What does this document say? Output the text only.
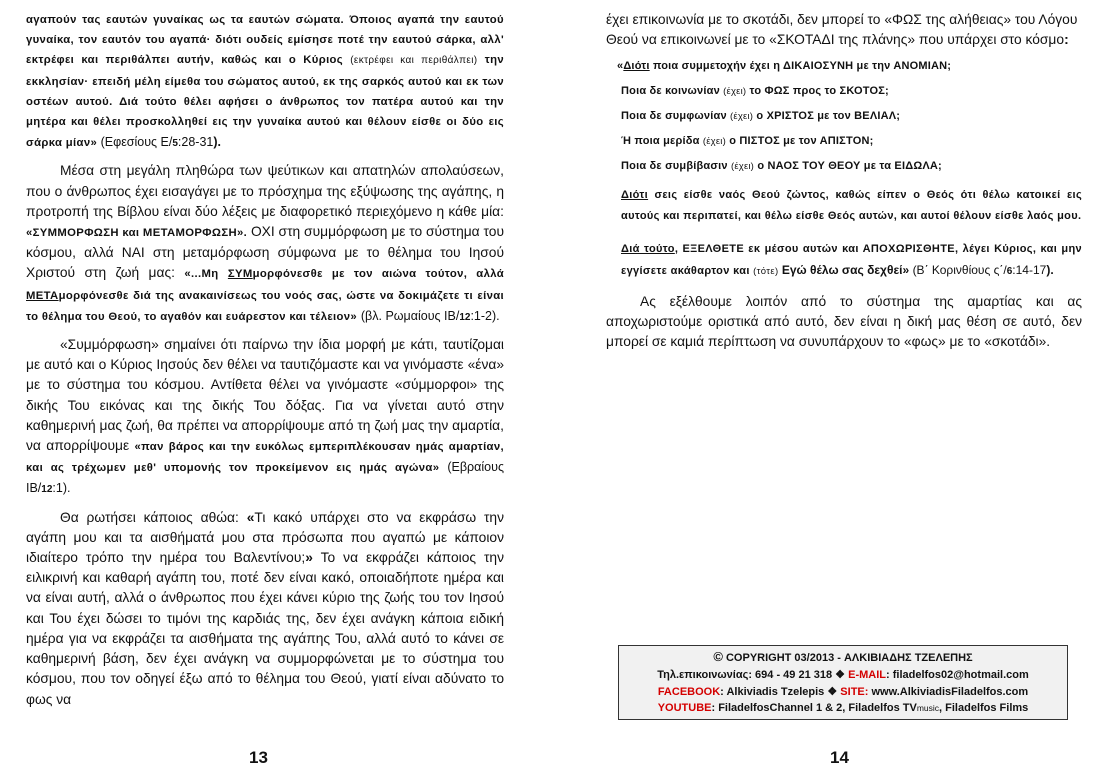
αγαπούν τας εαυτών γυναίκας ως τα εαυτών σώματα. Όποιος αγαπά την εαυτού γυναίκα, τον εαυτόν του αγαπά· διότι ουδείς εμίσησε ποτέ την εαυτού σάρκα, αλλ' εκτρέφει και περιθάλπει αυτήν, καθώς και ο Κύριος (εκτρέφει και περιθάλπει) την εκκλησίαν· επειδή μέλη είμεθα του σώματος αυτού, εκ της σαρκός αυτού και εκ των οστέων αυτού. Διά τούτο θέλει αφήσει ο άνθρωπος τον πατέρα αυτού και την μητέρα και θέλει προσκολληθεί εις την γυναίκα αυτού και θέλουν είσθε οι δύο εις σάρκα μίαν» (Εφεσίους Ε/5:28-31).

Μέσα στη μεγάλη πληθώρα των ψεύτικων και απατηλών απολαύσεων, που ο άνθρωπος έχει εισαγάγει με το πρόσχημα της εξύψωσης της αγάπης, η προτροπή της Βίβλου είναι δύο λέξεις με διαφορετικό περιεχόμενο η κάθε μία: «ΣΥΜΜΟΡΦΩΣΗ και ΜΕΤΑΜΟΡΦΩΣΗ». ΟΧΙ στη συμμόρφωση με το σύστημα του κόσμου, αλλά ΝΑΙ στη μεταμόρφωση σύμφωνα με το θέλημα του Ιησού Χριστού στη ζωή μας: «...Μη ΣΥΜμορφόνεσθε με τον αιώνα τούτον, αλλά ΜΕΤΑμορφόνεσθε διά της ανακαινίσεως του νοός σας, ώστε να δοκιμάζετε τι είναι το θέλημα του Θεού, το αγαθόν και ευάρεστον και τέλειον» (βλ. Ρωμαίους ΙΒ/12:1-2).

«Συμμόρφωση» σημαίνει ότι παίρνω την ίδια μορφή με κάτι, ταυτίζομαι με αυτό και ο Κύριος Ιησούς δεν θέλει να ταυτιζόμαστε και να γινόμαστε «ένα» με το σύστημα του κόσμου. Αντίθετα θέλει να γινόμαστε «σύμμορφοι» της δικής Του εικόνας και της δικής Του δόξας. Για να γίνεται αυτό στην καθημερινή μας ζωή, θα πρέπει να απορρίψουμε από τη ζωή μας την αμαρτία, να απορρίψουμε «παν βάρος και την ευκόλως εμπεριπλέκουσαν ημάς αμαρτίαν, και ας τρέχωμεν μεθ' υπομονής τον προκείμενον εις ημάς αγώνα» (Εβραίους ΙΒ/12:1).

Θα ρωτήσει κάποιος αθώα: «Τι κακό υπάρχει στο να εκφράσω την αγάπη μου και τα αισθήματά μου στα πρόσωπα που αγαπώ με κάποιον ιδιαίτερο τρόπο την ημέρα του Βαλεντίνου;» Το να εκφράζει κάποιος την ειλικρινή και καθαρή αγάπη του, ποτέ δεν είναι κακό, οποιαδήποτε ημέρα και να είναι αυτή, αλλά ο άνθρωπος που έχει κάνει κύριο της ζωής του τον Ιησού και Του έχει δώσει το τιμόνι της καρδιάς της, δεν έχει ανάγκη κάποια ειδική ημέρα για να εκφράζει τα αισθήματα της αγάπης Του, αλλά αυτό το κάνει σε καθημερινή βάση, δεν έχει ανάγκη να συμμορφώνεται με το σύστημα του κόσμου, που τον οδηγεί έξω από το θέλημα του Θεού, γιατί είναι αδύνατο το φως να

13

έχει επικοινωνία με το σκοτάδι, δεν μπορεί το «ΦΩΣ της αλήθειας» του Λόγου Θεού να επικοινωνεί με το «ΣΚΟΤΑΔΙ της πλάνης» που υπάρχει στο κόσμο:

«Διότι ποια συμμετοχήν έχει η ΔΙΚΑΙΟΣΥΝΗ με την ΑΝΟΜΙΑΝ;
Ποια δε κοινωνίαν (έχει) το ΦΩΣ προς το ΣΚΟΤΟΣ;
Ποια δε συμφωνίαν (έχει) ο ΧΡΙΣΤΟΣ με τον ΒΕΛΙΑΛ;
Ή ποια μερίδα (έχει) ο ΠΙΣΤΟΣ με τον ΑΠΙΣΤΟΝ;
Ποια δε συμβίβασιν (έχει) ο ΝΑΟΣ ΤΟΥ ΘΕΟΥ με τα ΕΙΔΩΛΑ;
Διότι σεις είσθε ναός Θεού ζώντος, καθώς είπεν ο Θεός ότι θέλω κατοικεί εις αυτούς και περιπατεί, και θέλω είσθε Θεός αυτών, και αυτοί θέλουν είσθε λαός μου.
Διά τούτο, ΕΞΕΛΘΕΤΕ εκ μέσου αυτών και ΑΠΟΧΩΡΙΣΘΗΤΕ, λέγει Κύριος, και μην εγγίσετε ακάθαρτον και (τότε) Εγώ θέλω σας δεχθεί» (Β΄ Κορινθίους ς΄/6:14-17).

Ας εξέλθουμε λοιπόν από το σύστημα της αμαρτίας και ας αποχωριστούμε οριστικά από αυτό, δεν είναι η δική μας θέση σε αυτό, δεν μπορεί σε καμιά περίπτωση να συνυπάρχουν το «φως» με το «σκοτάδι».

© COPYRIGHT 03/2013 - ΑΛΚΙΒΙΑΔΗΣ ΤΖΕΛΕΠΗΣ
Τηλ.επικοινωνίας: 694 - 49 21 318 ❖ E-MAIL: filadelfos02@hotmail.com
FACEBOOK: Alkiviadis Tzelepis ❖ SITE: www.AlkiviadisFiladelfos.com
YOUTUBE: FiladelfosChannel 1 & 2, Filadelfos TVmusic, Filadelfos Films
14
